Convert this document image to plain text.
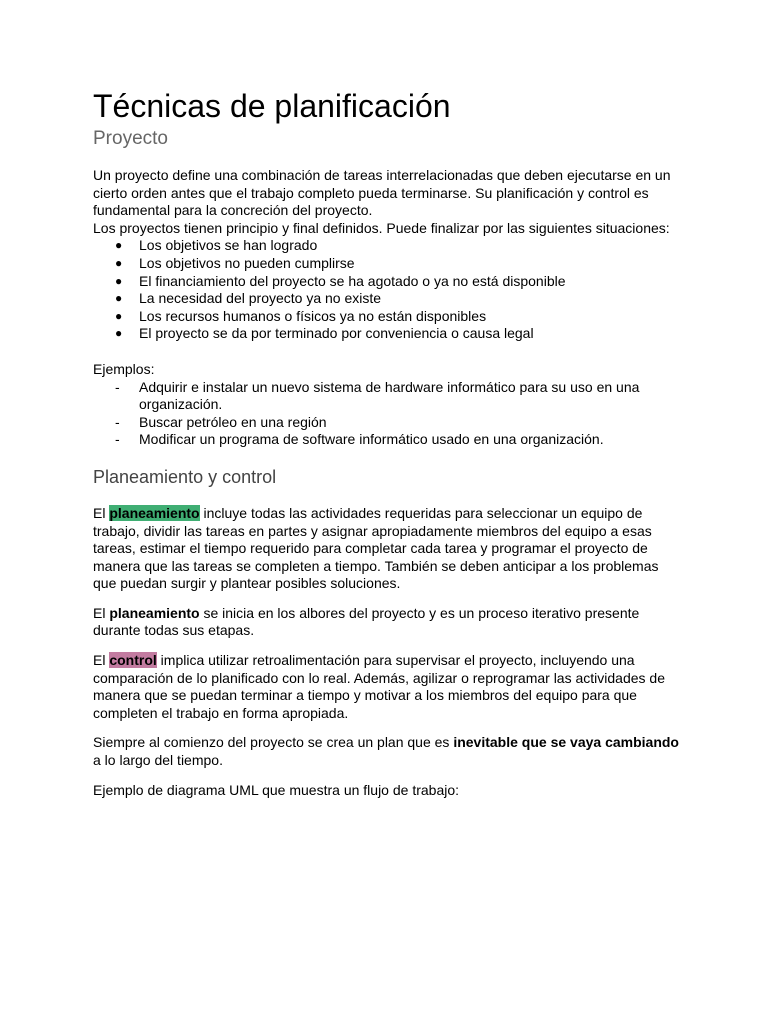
Técnicas de planificación
Proyecto

Un proyecto define una combinación de tareas interrelacionadas que deben ejecutarse en un cierto orden antes que el trabajo completo pueda terminarse. Su planificación y control es fundamental para la concreción del proyecto.

Los proyectos tienen principio y final definidos. Puede finalizar por las siguientes situaciones:

● Los objetivos se han logrado
● Los objetivos no pueden cumplirse
● El financiamiento del proyecto se ha agotado o ya no está disponible
● La necesidad del proyecto ya no existe
● Los recursos humanos o físicos ya no están disponibles
● El proyecto se da por terminado por conveniencia o causa legal

Ejemplos:

- Adquirir e instalar un nuevo sistema de hardware informático para su uso en una organización.
- Buscar petróleo en una región
- Modificar un programa de software informático usado en una organización.
Planeamiento y control

El planeamiento incluye todas las actividades requeridas para seleccionar un equipo de trabajo, dividir las tareas en partes y asignar apropiadamente miembros del equipo a esas tareas, estimar el tiempo requerido para completar cada tarea y programar el proyecto de manera que las tareas se completen a tiempo. También se deben anticipar a los problemas que puedan surgir y plantear posibles soluciones.

El planeamiento se inicia en los albores del proyecto y es un proceso iterativo presente durante todas sus etapas.

El control implica utilizar retroalimentación para supervisar el proyecto, incluyendo una comparación de lo planificado con lo real. Además, agilizar o reprogramar las actividades de manera que se puedan terminar a tiempo y motivar a los miembros del equipo para que completen el trabajo en forma apropiada.

Siempre al comienzo del proyecto se crea un plan que es inevitable que se vaya cambiando a lo largo del tiempo.

Ejemplo de diagrama UML que muestra un flujo de trabajo:
